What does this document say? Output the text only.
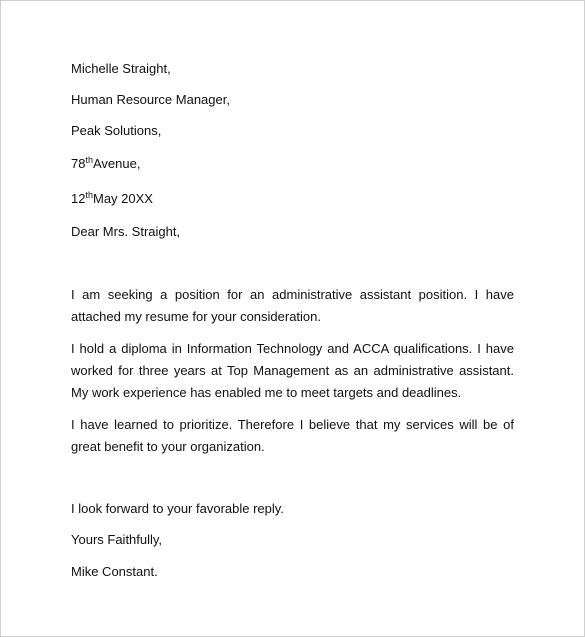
Michelle Straight,
Human Resource Manager,
Peak Solutions,
78thAvenue,
12thMay 20XX
Dear Mrs. Straight,
I am seeking a position for an administrative assistant position. I have
attached my resume for your consideration.
I hold a diploma in Information Technology and ACCA qualifications. I have
worked for three years at Top Management as an administrative assistant.
My work experience has enabled me to meet targets and deadlines.
I have learned to prioritize. Therefore I believe that my services will be of
great benefit to your organization.
I look forward to your favorable reply.
Yours Faithfully,
Mike Constant.
